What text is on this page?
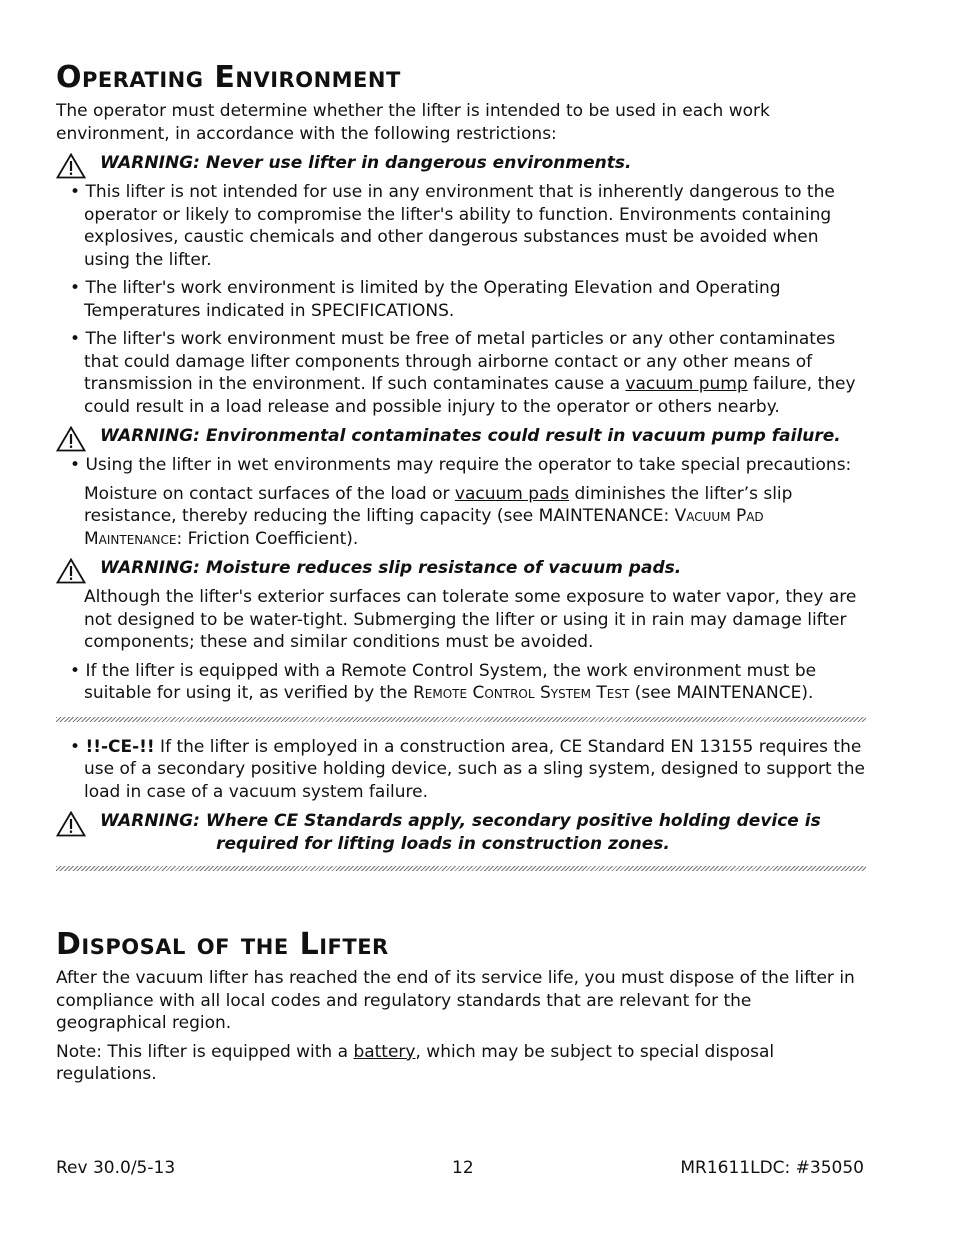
Operating Environment

The operator must determine whether the lifter is intended to be used in each work environment, in accordance with the following restrictions:

WARNING: Never use lifter in dangerous environments.
• This lifter is not intended for use in any environment that is inherently dangerous to the operator or likely to compromise the lifter's ability to function. Environments containing explosives, caustic chemicals and other dangerous substances must be avoided when using the lifter.
• The lifter's work environment is limited by the Operating Elevation and Operating Temperatures indicated in SPECIFICATIONS.
• The lifter's work environment must be free of metal particles or any other contaminates that could damage lifter components through airborne contact or any other means of transmission in the environment. If such contaminates cause a vacuum pump failure, they could result in a load release and possible injury to the operator or others nearby.
WARNING: Environmental contaminates could result in vacuum pump failure.
• Using the lifter in wet environments may require the operator to take special precautions:
Moisture on contact surfaces of the load or vacuum pads diminishes the lifter’s slip resistance, thereby reducing the lifting capacity (see MAINTENANCE: Vacuum Pad Maintenance: Friction Coefficient).
WARNING: Moisture reduces slip resistance of vacuum pads.
Although the lifter's exterior surfaces can tolerate some exposure to water vapor, they are not designed to be water-tight. Submerging the lifter or using it in rain may damage lifter components; these and similar conditions must be avoided.
• If the lifter is equipped with a Remote Control System, the work environment must be suitable for using it, as verified by the Remote Control System Test (see MAINTENANCE).
• !!-CE-!! If the lifter is employed in a construction area, CE Standard EN 13155 requires the use of a secondary positive holding device, such as a sling system, designed to support the load in case of a vacuum system failure.
WARNING: Where CE Standards apply, secondary positive holding device is
required for lifting loads in construction zones.
Disposal of the Lifter

After the vacuum lifter has reached the end of its service life, you must dispose of the lifter in compliance with all local codes and regulatory standards that are relevant for the geographical region.

Note: This lifter is equipped with a battery, which may be subject to special disposal regulations.

Rev 30.0/5-13	12	MR1611LDC: #35050
